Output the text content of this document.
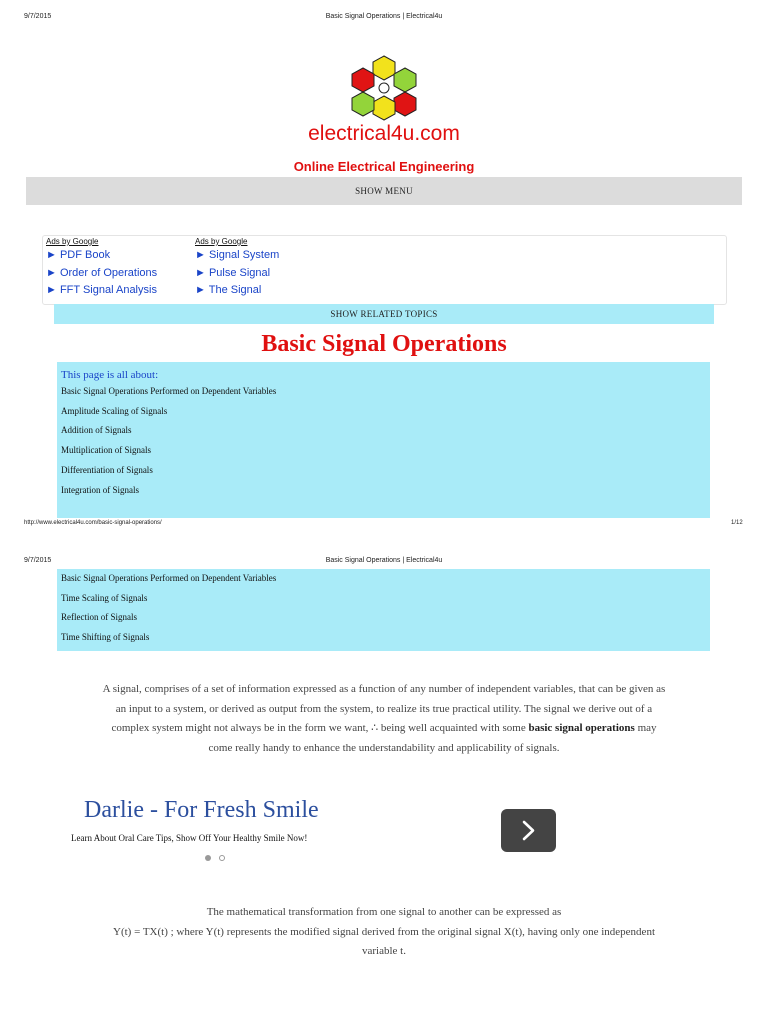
9/7/2015	Basic Signal Operations | Electrical4u
electrical4u.com
Online Electrical Engineering
SHOW MENU
Ads by Google
► PDF Book
► Order of Operations
► FFT Signal Analysis
Ads by Google
► Signal System
► Pulse Signal
► The Signal
SHOW RELATED TOPICS
Basic Signal Operations
This page is all about:
Basic Signal Operations Performed on Dependent Variables
Amplitude Scaling of Signals
Addition of Signals
Multiplication of Signals
Differentiation of Signals
Integration of Signals
http://www.electrical4u.com/basic-signal-operations/	1/12
9/7/2015	Basic Signal Operations | Electrical4u
Basic Signal Operations Performed on Dependent Variables
Time Scaling of Signals
Reflection of Signals
Time Shifting of Signals
A signal, comprises of a set of information expressed as a function of any number of independent variables, that can be given as
an input to a system, or derived as output from the system, to realize its true practical utility. The signal we derive out of a
complex system might not always be in the form we want, ∴ being well acquainted with some basic signal operations may
come really handy to enhance the understandability and applicability of signals.
Darlie - For Fresh Smile
Learn About Oral Care Tips, Show Off Your Healthy Smile Now!
The mathematical transformation from one signal to another can be expressed as
Y(t) = TX(t) ; where Y(t) represents the modified signal derived from the original signal X(t), having only one independent
variable t.
